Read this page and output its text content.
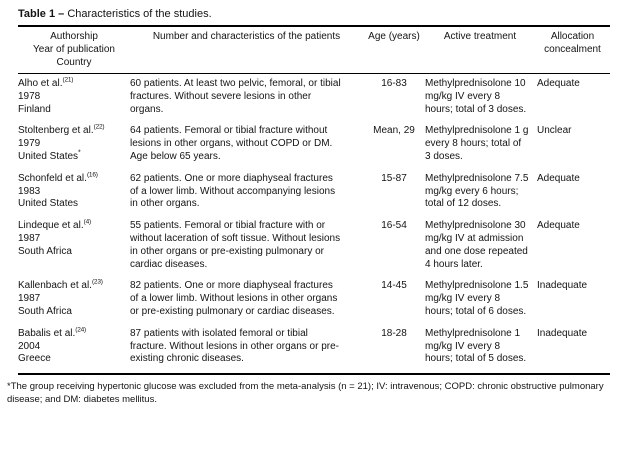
Table 1 – Characteristics of the studies.

Authorship
Year of publication
Country
	Number and characteristics of the patients	Age (years)	Active treatment	Allocation
concealment

Alho et al.$^{(21)}$
1978
Finland	60 patients. At least two pelvic, femoral, or tibial fractures. Without severe lesions in other organs.	16-83	Methylprednisolone 10 mg/kg IV every 8 hours; total of 3 doses.	Adequate

Stoltenberg et al.$^{(22)}$
1979
United States*	64 patients. Femoral or tibial fracture without lesions in other organs, without COPD or DM. Age below 65 years.	Mean, 29	Methylprednisolone 1 g every 8 hours; total of 3 doses.	Unclear

Schonfeld et al.$^{(16)}$
1983
United States	62 patients. One or more diaphyseal fractures of a lower limb. Without accompanying lesions in other organs.	15-87	Methylprednisolone 7.5 mg/kg every 6 hours; total of 12 doses.	Adequate

Lindeque et al.$^{(4)}$
1987
South Africa	55 patients. Femoral or tibial fracture with or without laceration of soft tissue. Without lesions in other organs or pre-existing pulmonary or cardiac diseases.	16-54	Methylprednisolone 30 mg/kg IV at admission and one dose repeated 4 hours later.	Adequate

Kallenbach et al.$^{(23)}$
1987
South Africa	82 patients. One or more diaphyseal fractures of a lower limb. Without lesions in other organs or pre-existing pulmonary or cardiac diseases.	14-45	Methylprednisolone 1.5 mg/kg IV every 8 hours; total of 6 doses.	Inadequate

Babalis et al.$^{(24)}$
2004
Greece	87 patients with isolated femoral or tibial fracture. Without lesions in other organs or pre-existing chronic diseases.	18-28	Methylprednisolone 1 mg/kg IV every 8 hours; total of 5 doses.	Inadequate

*The group receiving hypertonic glucose was excluded from the meta-analysis (n = 21); IV: intravenous; COPD: chronic obstructive pulmonary disease; and DM: diabetes mellitus.
